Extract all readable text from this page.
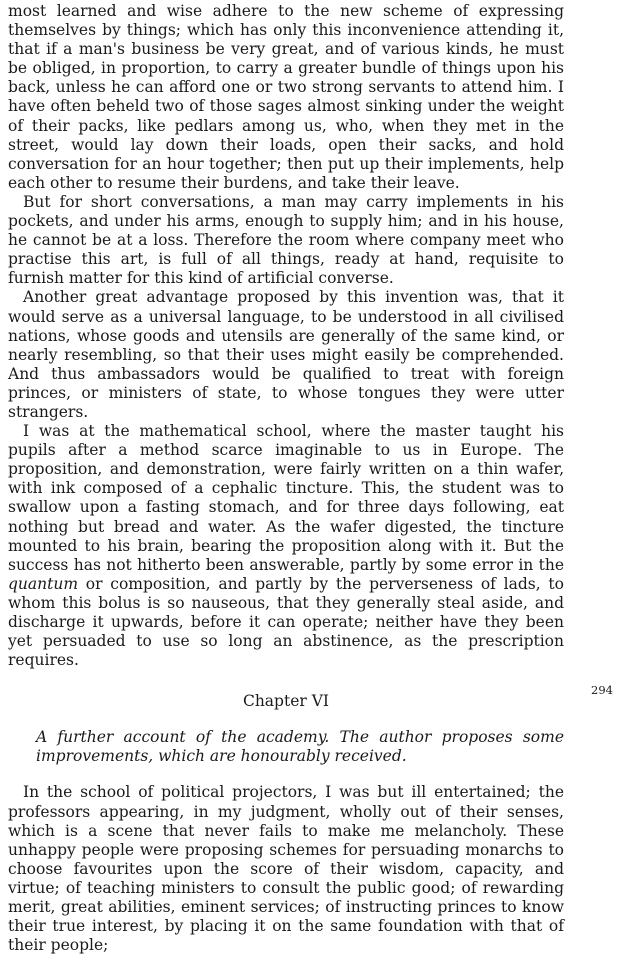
most learned and wise adhere to the new scheme of expressing themselves by things; which has only this inconvenience attending it, that if a man's business be very great, and of various kinds, he must be obliged, in proportion, to carry a greater bundle of things upon his back, unless he can afford one or two strong servants to attend him. I have often beheld two of those sages almost sinking under the weight of their packs, like pedlars among us, who, when they met in the street, would lay down their loads, open their sacks, and hold conversation for an hour together; then put up their implements, help each other to resume their burdens, and take their leave.

But for short conversations, a man may carry implements in his pockets, and under his arms, enough to supply him; and in his house, he cannot be at a loss. Therefore the room where company meet who practise this art, is full of all things, ready at hand, requisite to furnish matter for this kind of artificial converse.

Another great advantage proposed by this invention was, that it would serve as a universal language, to be understood in all civilised nations, whose goods and utensils are generally of the same kind, or nearly resembling, so that their uses might easily be comprehended. And thus ambassadors would be qualified to treat with foreign princes, or ministers of state, to whose tongues they were utter strangers.

I was at the mathematical school, where the master taught his pupils after a method scarce imaginable to us in Europe. The proposition, and demonstration, were fairly written on a thin wafer, with ink composed of a cephalic tincture. This, the student was to swallow upon a fasting stomach, and for three days following, eat nothing but bread and water. As the wafer digested, the tincture mounted to his brain, bearing the proposition along with it. But the success has not hitherto been answerable, partly by some error in the quantum or composition, and partly by the perverseness of lads, to whom this bolus is so nauseous, that they generally steal aside, and discharge it upwards, before it can operate; neither have they been yet persuaded to use so long an abstinence, as the prescription requires.

Chapter VI

A further account of the academy. The author proposes some improvements, which are honourably received.

In the school of political projectors, I was but ill entertained; the professors appearing, in my judgment, wholly out of their senses, which is a scene that never fails to make me melancholy. These unhappy people were proposing schemes for persuading monarchs to choose favourites upon the score of their wisdom, capacity, and virtue; of teaching ministers to consult the public good; of rewarding merit, great abilities, eminent services; of instructing princes to know their true interest, by placing it on the same foundation with that of their people;

294
